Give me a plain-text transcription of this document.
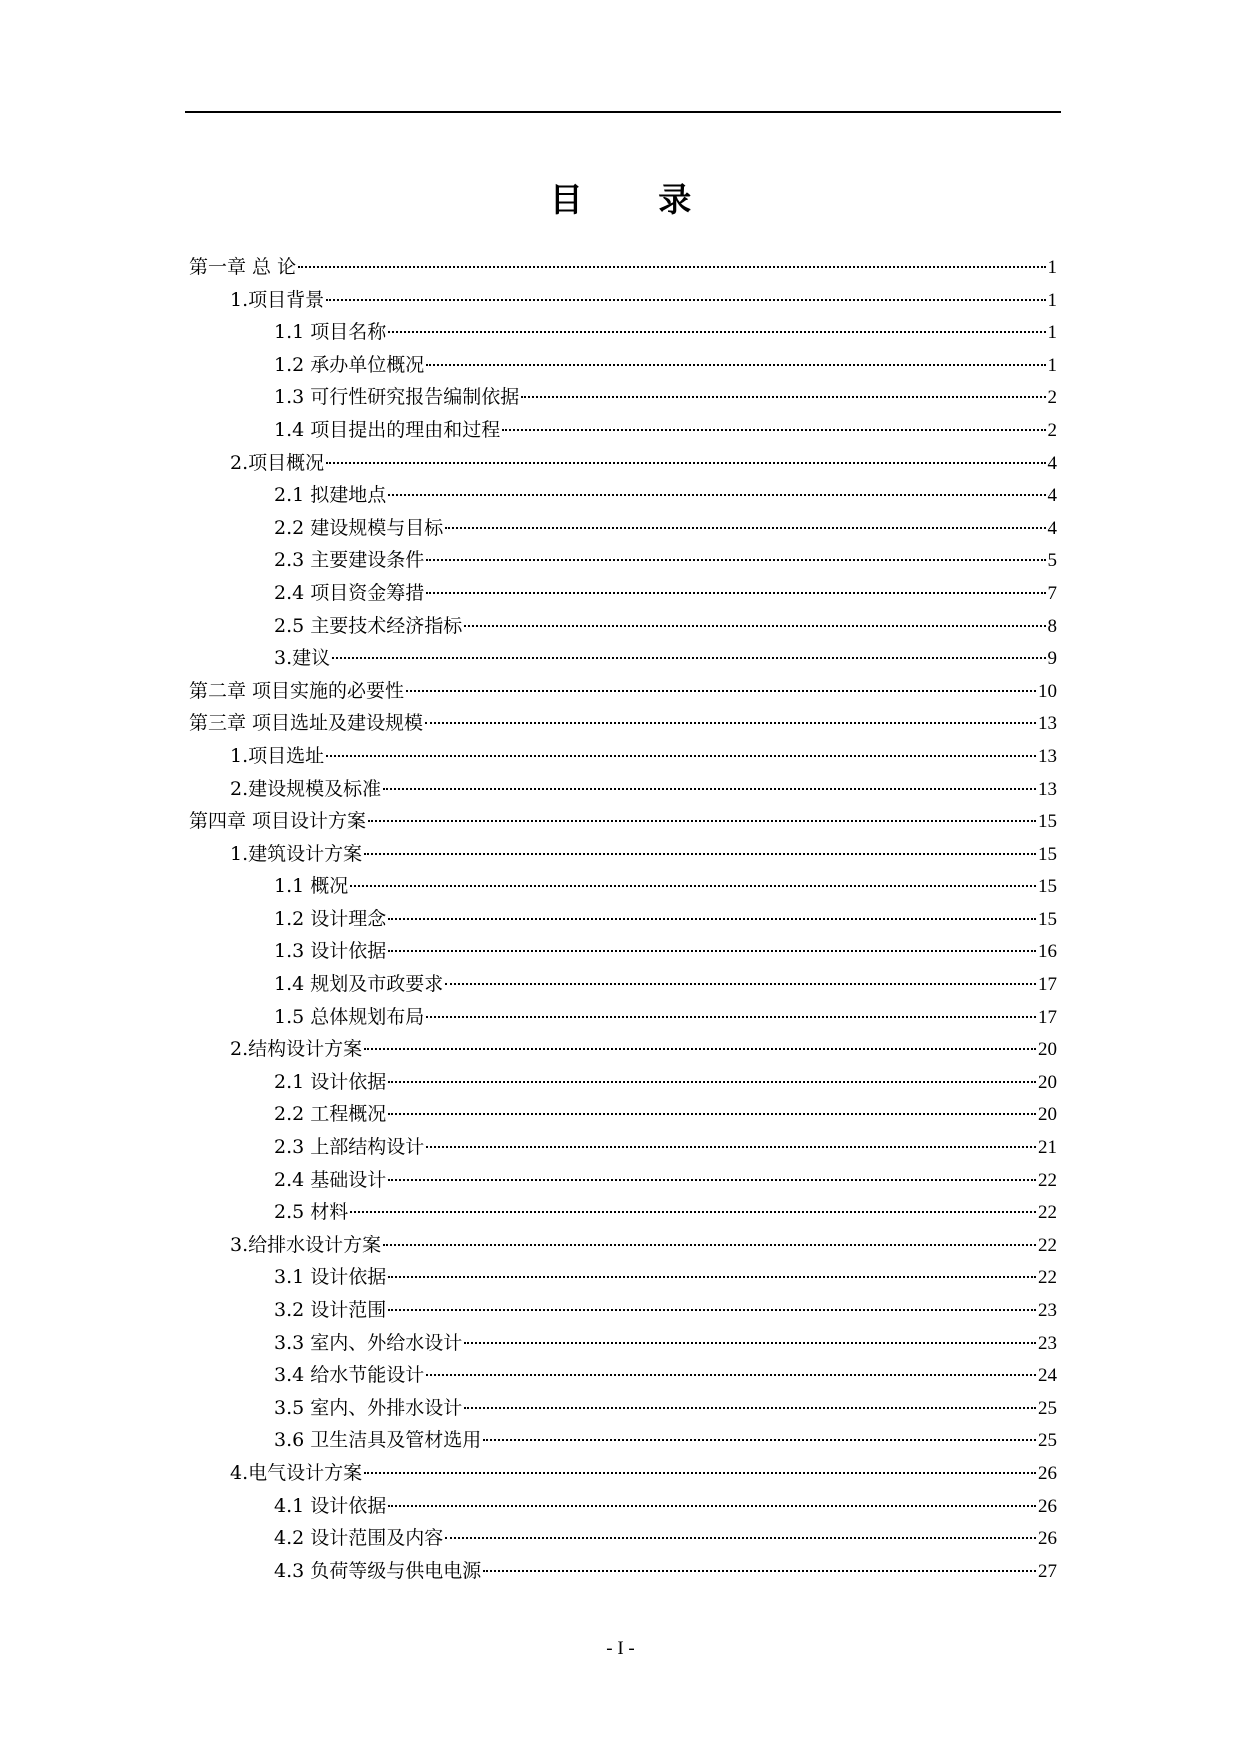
目 录
第一章 总 论	1
1.项目背景	1
1.1 项目名称	1
1.2 承办单位概况	1
1.3 可行性研究报告编制依据	2
1.4 项目提出的理由和过程	2
2.项目概况	4
2.1 拟建地点	4
2.2 建设规模与目标	4
2.3 主要建设条件	5
2.4 项目资金筹措	7
2.5 主要技术经济指标	8
3.建议	9
第二章 项目实施的必要性	10
第三章 项目选址及建设规模	13
1.项目选址	13
2.建设规模及标准	13
第四章 项目设计方案	15
1.建筑设计方案	15
1.1 概况	15
1.2 设计理念	15
1.3 设计依据	16
1.4 规划及市政要求	17
1.5 总体规划布局	17
2.结构设计方案	20
2.1 设计依据	20
2.2 工程概况	20
2.3 上部结构设计	21
2.4 基础设计	22
2.5 材料	22
3.给排水设计方案	22
3.1 设计依据	22
3.2 设计范围	23
3.3 室内、外给水设计	23
3.4 给水节能设计	24
3.5 室内、外排水设计	25
3.6 卫生洁具及管材选用	25
4.电气设计方案	26
4.1 设计依据	26
4.2 设计范围及内容	26
4.3 负荷等级与供电电源	27
- I -
